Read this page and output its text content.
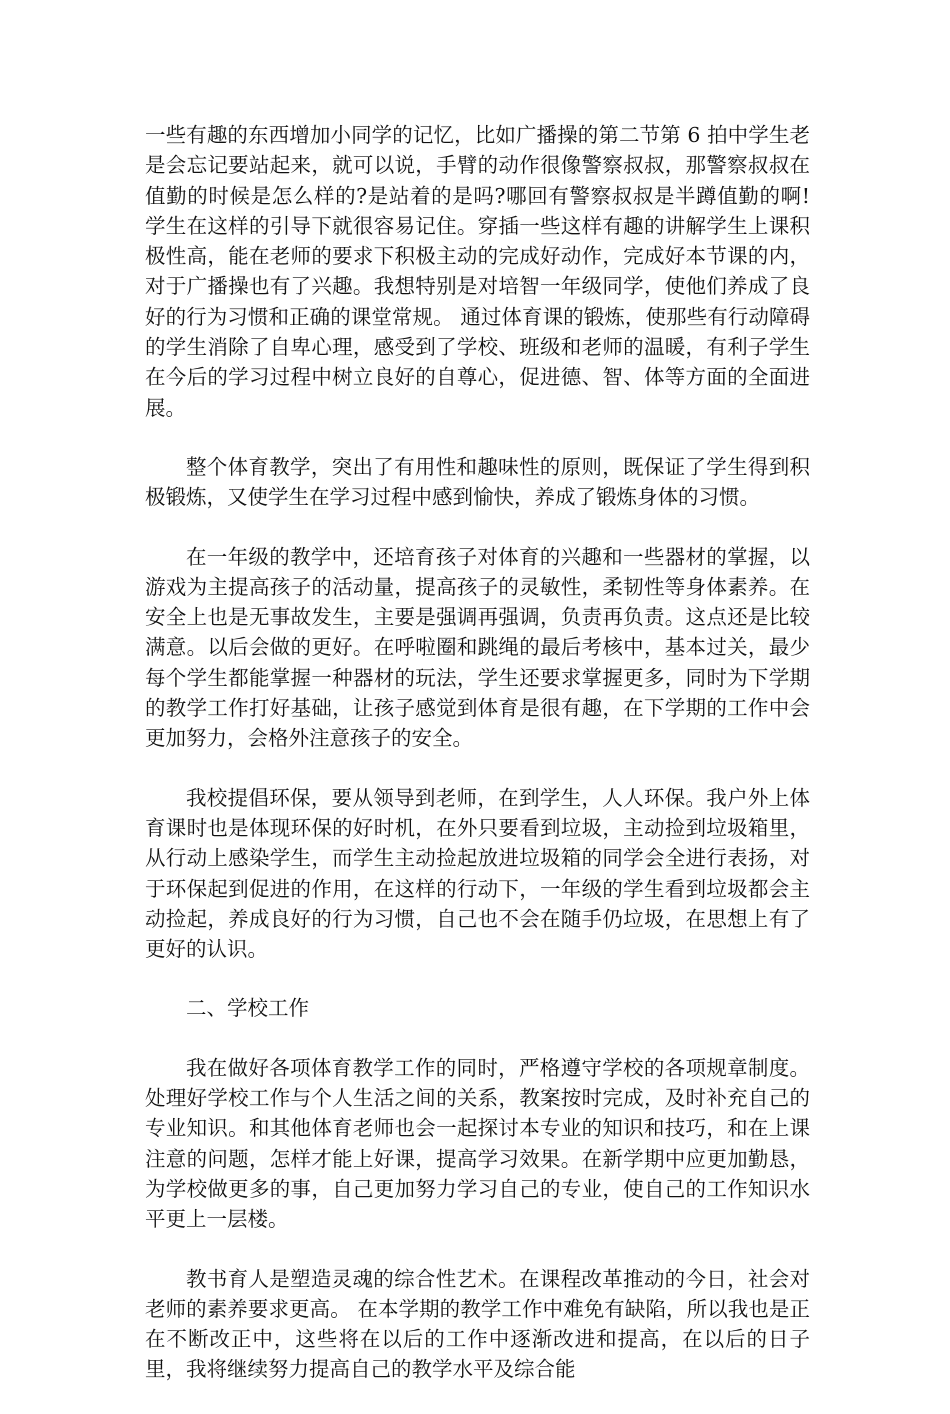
一些有趣的东西增加小同学的记忆，比如广播操的第二节第 6 拍中学生老是会忘记要站起来，就可以说，手臂的动作很像警察叔叔，那警察叔叔在值勤的时候是怎么样的?是站着的是吗?哪回有警察叔叔是半蹲值勤的啊!学生在这样的引导下就很容易记住。穿插一些这样有趣的讲解学生上课积极性高，能在老师的要求下积极主动的完成好动作，完成好本节课的内，对于广播操也有了兴趣。我想特别是对培智一年级同学，使他们养成了良好的行为习惯和正确的课堂常规。 通过体育课的锻炼，使那些有行动障碍的学生消除了自卑心理，感受到了学校、班级和老师的温暖，有利子学生在今后的学习过程中树立良好的自尊心，促进德、智、体等方面的全面进展。

整个体育教学，突出了有用性和趣味性的原则，既保证了学生得到积极锻炼，又使学生在学习过程中感到愉快，养成了锻炼身体的习惯。

在一年级的教学中，还培育孩子对体育的兴趣和一些器材的掌握，以游戏为主提高孩子的活动量，提高孩子的灵敏性，柔韧性等身体素养。在安全上也是无事故发生，主要是强调再强调，负责再负责。这点还是比较满意。以后会做的更好。在呼啦圈和跳绳的最后考核中，基本过关，最少每个学生都能掌握一种器材的玩法，学生还要求掌握更多，同时为下学期的教学工作打好基础，让孩子感觉到体育是很有趣，在下学期的工作中会更加努力，会格外注意孩子的安全。

我校提倡环保，要从领导到老师，在到学生，人人环保。我户外上体育课时也是体现环保的好时机，在外只要看到垃圾，主动捡到垃圾箱里，从行动上感染学生，而学生主动捡起放进垃圾箱的同学会全进行表扬，对于环保起到促进的作用，在这样的行动下，一年级的学生看到垃圾都会主动捡起，养成良好的行为习惯，自己也不会在随手仍垃圾，在思想上有了更好的认识。

二、学校工作

我在做好各项体育教学工作的同时，严格遵守学校的各项规章制度。处理好学校工作与个人生活之间的关系，教案按时完成，及时补充自己的专业知识。和其他体育老师也会一起探讨本专业的知识和技巧，和在上课注意的问题，怎样才能上好课，提高学习效果。在新学期中应更加勤恳，为学校做更多的事，自己更加努力学习自己的专业，使自己的工作知识水平更上一层楼。

教书育人是塑造灵魂的综合性艺术。在课程改革推动的今日，社会对老师的素养要求更高。 在本学期的教学工作中难免有缺陷，所以我也是正在不断改正中，这些将在以后的工作中逐渐改进和提高，在以后的日子里，我将继续努力提高自己的教学水平及综合能
